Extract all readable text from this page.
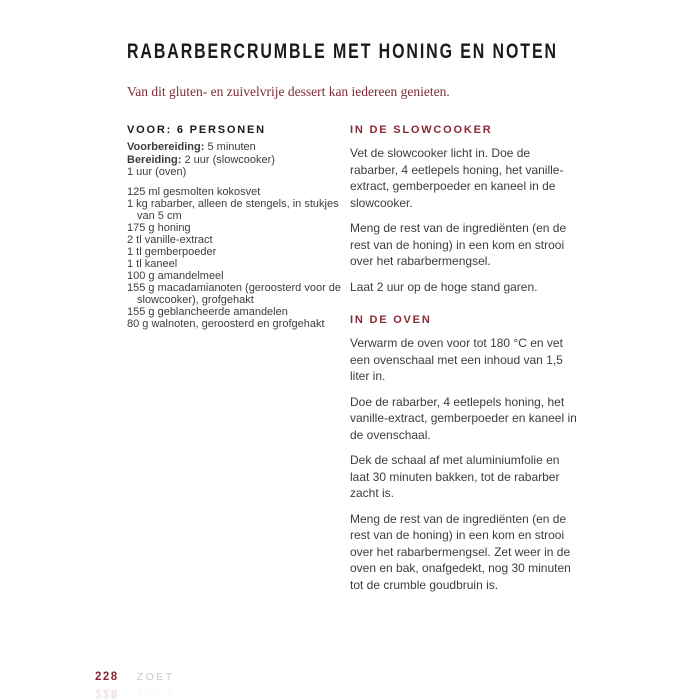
RABARBERCRUMBLE MET HONING EN NOTEN
Van dit gluten- en zuivelvrije dessert kan iedereen genieten.
VOOR: 6 PERSONEN
Voorbereiding: 5 minuten
Bereiding: 2 uur (slowcooker)
1 uur (oven)
125 ml gesmolten kokosvet
1 kg rabarber, alleen de stengels, in stukjes van 5 cm
175 g honing
2 tl vanille-extract
1 tl gemberpoeder
1 tl kaneel
100 g amandelmeel
155 g macadamianoten (geroosterd voor de slowcooker), grofgehakt
155 g geblancheerde amandelen
80 g walnoten, geroosterd en grofgehakt
IN DE SLOWCOOKER

Vet de slowcooker licht in. Doe de rabarber, 4 eetlepels honing, het vanille-extract, gemberpoeder en kaneel in de slowcooker.

Meng de rest van de ingrediënten (en de rest van de honing) in een kom en strooi over het rabarbermengsel.

Laat 2 uur op de hoge stand garen.

IN DE OVEN

Verwarm de oven voor tot 180 °C en vet een ovenschaal met een inhoud van 1,5 liter in.

Doe de rabarber, 4 eetlepels honing, het vanille-extract, gemberpoeder en kaneel in de ovenschaal.

Dek de schaal af met aluminiumfolie en laat 30 minuten bakken, tot de rabarber zacht is.

Meng de rest van de ingrediënten (en de rest van de honing) in een kom en strooi over het rabarbermengsel. Zet weer in de oven en bak, onafgedekt, nog 30 minuten tot de crumble goudbruin is.

228 ZOET
228 ZOET
